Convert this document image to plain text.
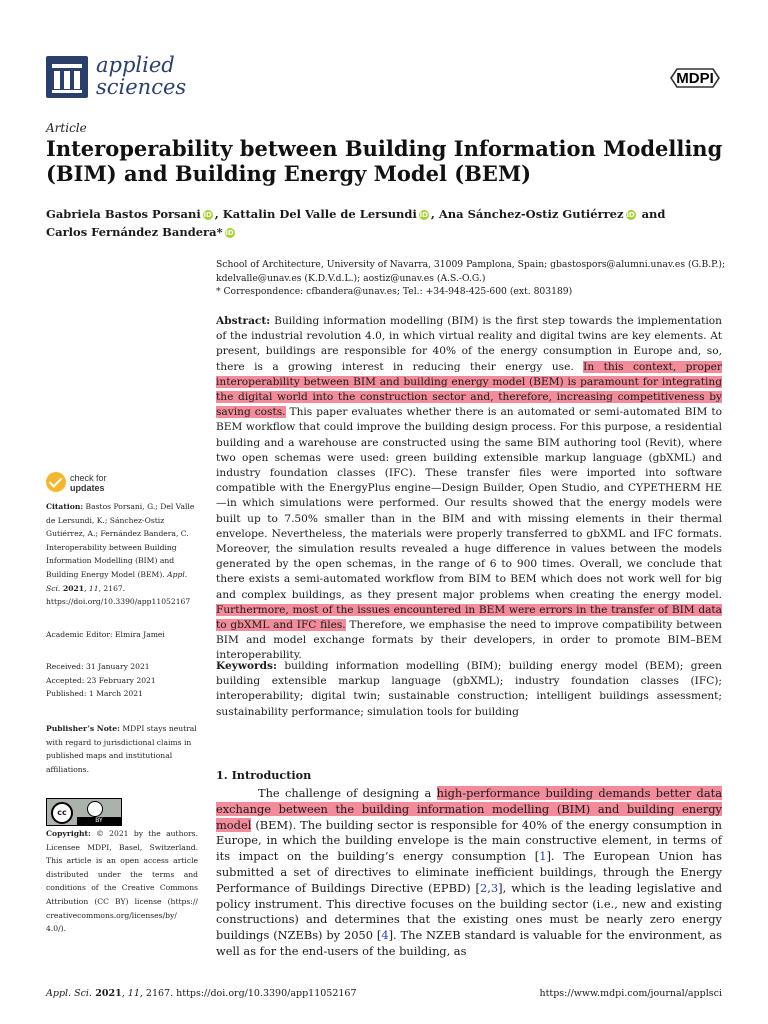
applied
sciences	MDPI
Article
Interoperability between Building Information Modelling (BIM) and Building Energy Model (BEM)
Gabriela Bastos Porsani iD , Kattalin Del Valle de Lersundi iD , Ana Sánchez-Ostiz Gutiérrez iD and
Carlos Fernández Bandera* iD
School of Architecture, University of Navarra, 31009 Pamplona, Spain; gbastospors@alumni.unav.es (G.B.P.);
kdelvalle@unav.es (K.D.V.d.L.); aostiz@unav.es (A.S.-O.G.)
* Correspondence: cfbandera@unav.es; Tel.: +34-948-425-600 (ext. 803189)
Abstract: Building information modelling (BIM) is the first step towards the implementation of the industrial revolution 4.0, in which virtual reality and digital twins are key elements. At present, buildings are responsible for 40% of the energy consumption in Europe and, so, there is a growing interest in reducing their energy use. In this context, proper interoperability between BIM and building energy model (BEM) is paramount for integrating the digital world into the construction sector and, therefore, increasing competitiveness by saving costs. This paper evaluates whether there is an automated or semi-automated BIM to BEM workflow that could improve the building design process. For this purpose, a residential building and a warehouse are constructed using the same BIM authoring tool (Revit), where two open schemas were used: green building extensible markup language (gbXML) and industry foundation classes (IFC). These transfer files were imported into software compatible with the EnergyPlus engine—Design Builder, Open Studio, and CYPETHERM HE—in which simulations were performed. Our results showed that the energy models were built up to 7.50% smaller than in the BIM and with missing elements in their thermal envelope. Nevertheless, the materials were properly transferred to gbXML and IFC formats. Moreover, the simulation results revealed a huge difference in values between the models generated by the open schemas, in the range of 6 to 900 times. Overall, we conclude that there exists a semi-automated workflow from BIM to BEM which does not work well for big and complex buildings, as they present major problems when creating the energy model. Furthermore, most of the issues encountered in BEM were errors in the transfer of BIM data to gbXML and IFC files. Therefore, we emphasise the need to improve compatibility between BIM and model exchange formats by their developers, in order to promote BIM–BEM interoperability.
Keywords: building information modelling (BIM); building energy model (BEM); green building extensible markup language (gbXML); industry foundation classes (IFC); interoperability; digital twin; sustainable construction; intelligent buildings assessment; sustainability performance; simulation tools for building
check for
updates
Citation: Bastos Porsani, G.; Del Valle de Lersundi, K.; Sánchez-Ostiz Gutiérrez, A.; Fernández Bandera, C. Interoperability between Building Information Modelling (BIM) and Building Energy Model (BEM). Appl. Sci. 2021, 11, 2167. https://doi.org/10.3390/app11052167
Academic Editor: Elmira Jamei
Received: 31 January 2021
Accepted: 23 February 2021
Published: 1 March 2021
Publisher’s Note: MDPI stays neutral with regard to jurisdictional claims in published maps and institutional affiliations.
cc
BY
Copyright: © 2021 by the authors. Licensee MDPI, Basel, Switzerland. This article is an open access article distributed under the terms and conditions of the Creative Commons Attribution (CC BY) license (https:// creativecommons.org/licenses/by/ 4.0/).
1. Introduction
The challenge of designing a high-performance building demands better data exchange between the building information modelling (BIM) and building energy model (BEM). The building sector is responsible for 40% of the energy consumption in Europe, in which the building envelope is the main constructive element, in terms of its impact on the building’s energy consumption [1]. The European Union has submitted a set of directives to eliminate inefficient buildings, through the Energy Performance of Buildings Directive (EPBD) [2,3], which is the leading legislative and policy instrument. This directive focuses on the building sector (i.e., new and existing constructions) and determines that the existing ones must be nearly zero energy buildings (NZEBs) by 2050 [4]. The NZEB standard is valuable for the environment, as well as for the end-users of the building, as
Appl. Sci. 2021, 11, 2167. https://doi.org/10.3390/app11052167	https://www.mdpi.com/journal/applsci
